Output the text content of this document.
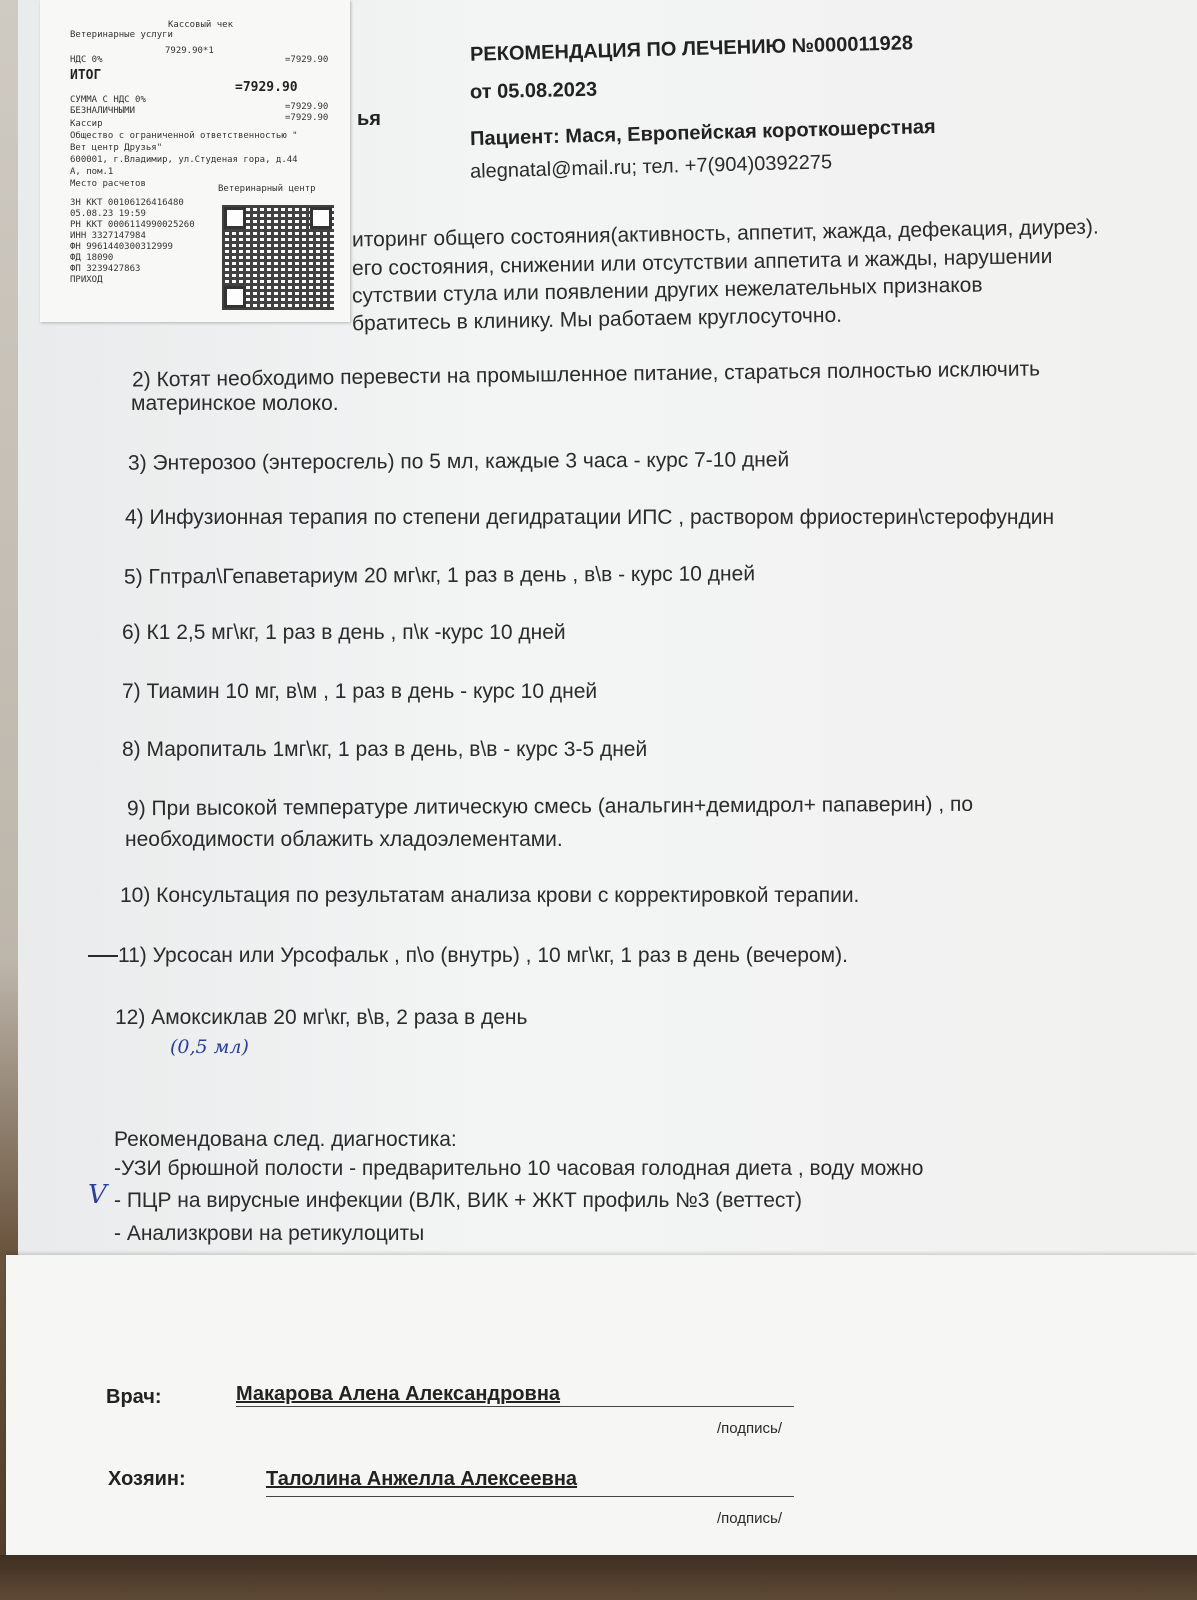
Кассовый чек
Ветеринарные услуги
7929.90*1
НДС 0%	=7929.90
ИТОГ
=7929.90
СУММА С НДС 0%
БЕЗНАЛИЧНЫМИ	=7929.90
=7929.90
Кассир
Общество с ограниченной ответственностью "
Вет центр Друзья"
600001, г.Владимир, ул.Студеная гора, д.44
А, пом.1
Место расчетов	Ветеринарный центр
ЗН ККТ 00106126416480
05.08.23 19:59
РН ККТ 0006114990025260
ИНН 3327147984
ФН 9961440300312999
ФД 18090
ФП 3239427863
ПРИХОД
РЕКОМЕНДАЦИЯ ПО ЛЕЧЕНИЮ №000011928
от 05.08.2023
ья	Пациент: Мася, Европейская короткошерстная
alegnatal@mail.ru; тел. +7(904)0392275
иторинг общего состояния(активность, аппетит, жажда, дефекация, диурез).
его состояния, снижении или отсутствии аппетита и жажды, нарушении
сутствии стула или появлении других нежелательных признаков
братитесь в клинику. Мы работаем круглосуточно.
2) Котят необходимо перевести на промышленное питание, стараться полностью исключить
материнское молоко.
3) Энтерозоо (энтеросгель) по 5 мл, каждые 3 часа - курс 7-10 дней
4) Инфузионная терапия по степени дегидратации ИПС , раствором фриостерин\стерофундин
5) Гптрал\Гепаветариум 20 мг\кг, 1 раз в день , в\в - курс 10 дней
6) К1 2,5 мг\кг, 1 раз в день , п\к -курс 10 дней
7) Тиамин 10 мг, в\м , 1 раз в день - курс 10 дней
8) Маропиталь 1мг\кг, 1 раз в день, в\в - курс 3-5 дней
9) При высокой температуре литическую смесь (анальгин+демидрол+ папаверин) , по
необходимости облажить хладоэлементами.
10) Консультация по результатам анализа крови с корректировкой терапии.
11) Урсосан или Урсофальк , п\о (внутрь) , 10 мг\кг, 1 раз в день (вечером).
12) Амоксиклав 20 мг\кг, в\в, 2 раза в день
(0,5 мл)
Рекомендована след. диагностика:
-УЗИ брюшной полости - предварительно 10 часовая голодная диета , воду можно
V - ПЦР на вирусные инфекции (ВЛК, ВИК + ЖКТ профиль №3 (веттест)
- Анализкрови на ретикулоциты
Врач:	Макарова Алена Александровна
/подпись/
Хозяин:	Талолина Анжелла Алексеевна
/подпись/
